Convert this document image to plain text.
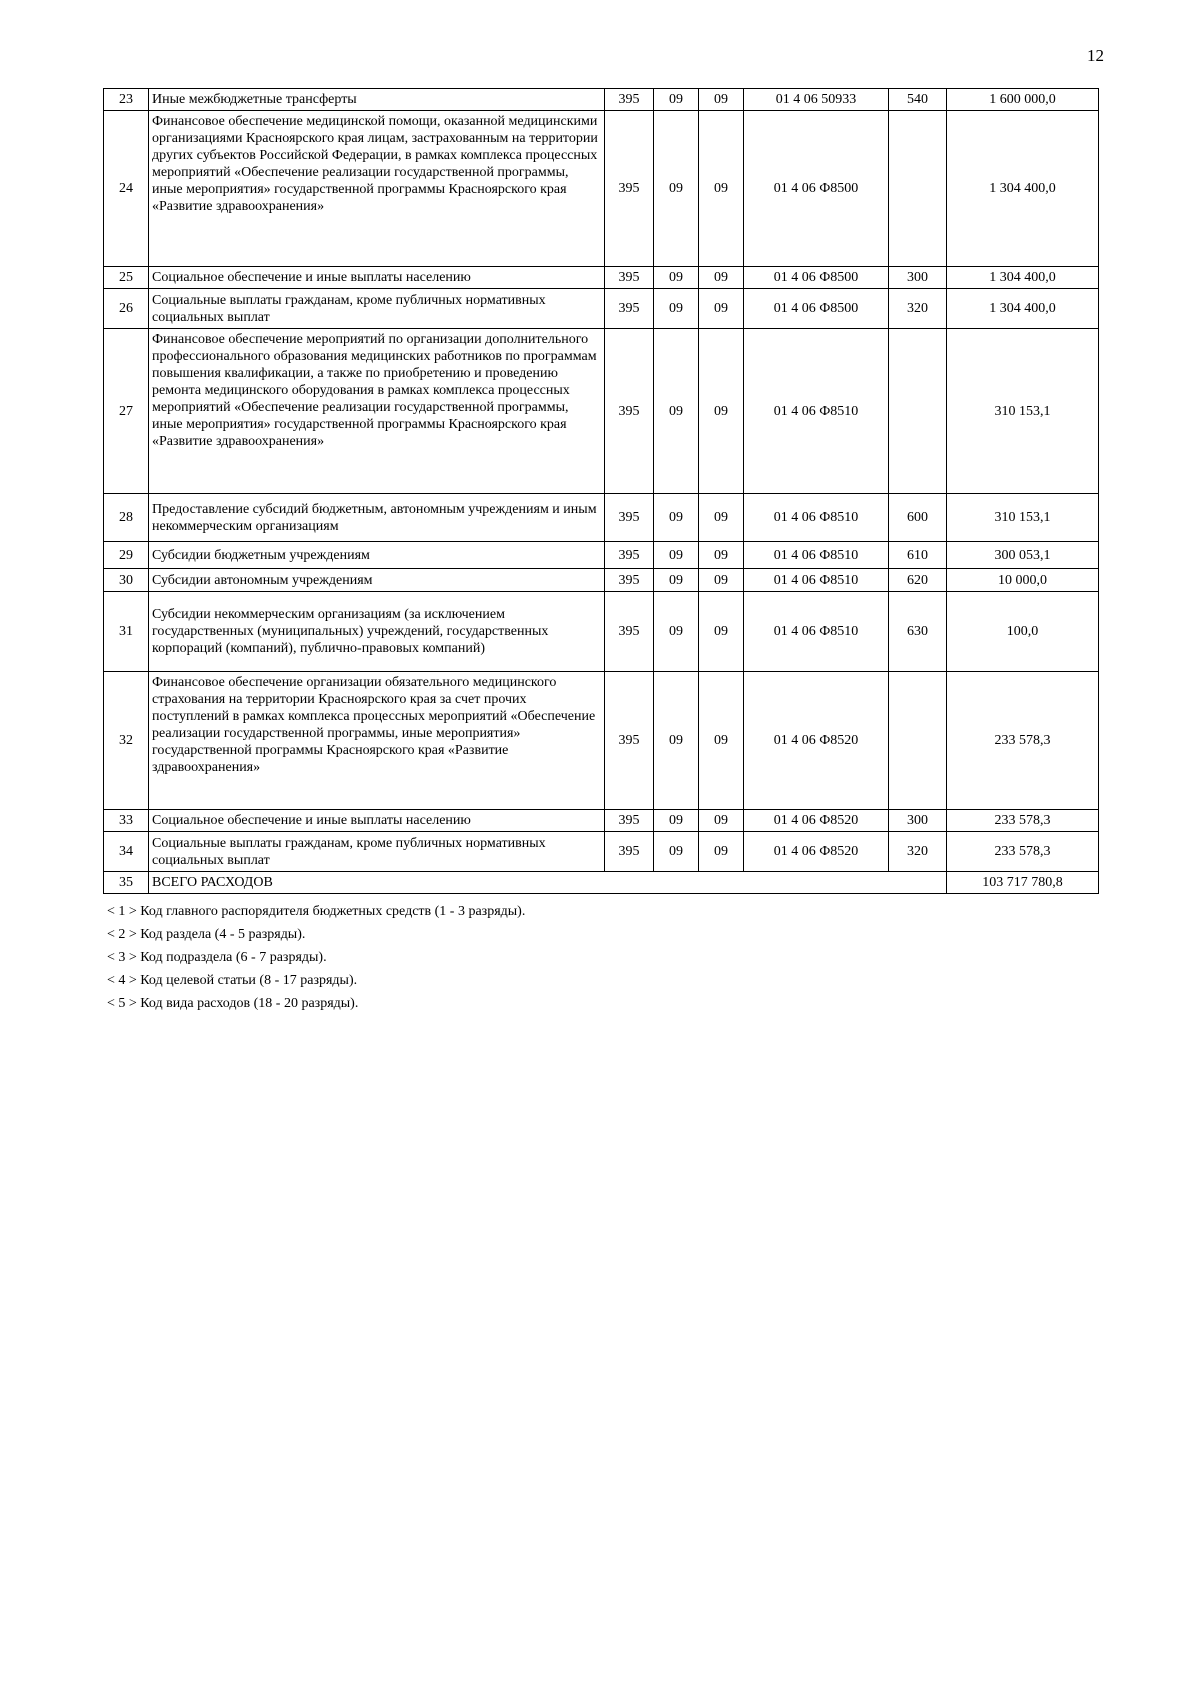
12
23	Иные межбюджетные трансферты	395	09	09	01 4 06 50933	540	1 600 000,0
24	Финансовое обеспечение медицинской помощи, оказанной медицинскими организациями Красноярского края лицам, застрахованным на территории других субъектов Российской Федерации, в рамках комплекса процессных мероприятий «Обеспечение реализации государственной программы, иные мероприятия» государственной программы Красноярского края «Развитие здравоохранения»	395	09	09	01 4 06 Ф8500		1 304 400,0
25	Социальное обеспечение и иные выплаты населению	395	09	09	01 4 06 Ф8500	300	1 304 400,0
26	Социальные выплаты гражданам, кроме публичных нормативных социальных выплат	395	09	09	01 4 06 Ф8500	320	1 304 400,0
27	Финансовое обеспечение мероприятий по организации дополнительного профессионального образования медицинских работников по программам повышения квалификации, а также по приобретению и проведению ремонта медицинского оборудования в рамках комплекса процессных мероприятий «Обеспечение реализации государственной программы, иные мероприятия» государственной программы Красноярского края «Развитие здравоохранения»	395	09	09	01 4 06 Ф8510		310 153,1
28	Предоставление субсидий бюджетным, автономным учреждениям и иным некоммерческим организациям	395	09	09	01 4 06 Ф8510	600	310 153,1
29	Субсидии бюджетным учреждениям	395	09	09	01 4 06 Ф8510	610	300 053,1
30	Субсидии автономным учреждениям	395	09	09	01 4 06 Ф8510	620	10 000,0
31	Субсидии некоммерческим организациям (за исключением государственных (муниципальных) учреждений, государственных корпораций (компаний), публично-правовых компаний)	395	09	09	01 4 06 Ф8510	630	100,0
32	Финансовое обеспечение организации обязательного медицинского страхования на территории Красноярского края за счет прочих поступлений в рамках комплекса процессных мероприятий «Обеспечение реализации государственной программы, иные мероприятия» государственной программы Красноярского края «Развитие здравоохранения»	395	09	09	01 4 06 Ф8520		233 578,3
33	Социальное обеспечение и иные выплаты населению	395	09	09	01 4 06 Ф8520	300	233 578,3
34	Социальные выплаты гражданам, кроме публичных нормативных социальных выплат	395	09	09	01 4 06 Ф8520	320	233 578,3
35	ВСЕГО РАСХОДОВ						103 717 780,8
< 1 > Код главного распорядителя бюджетных средств (1 - 3 разряды).
< 2 > Код раздела (4 - 5 разряды).
< 3 > Код подраздела (6 - 7 разряды).
< 4 > Код целевой статьи (8 - 17 разряды).
< 5 > Код вида расходов (18 - 20 разряды).
